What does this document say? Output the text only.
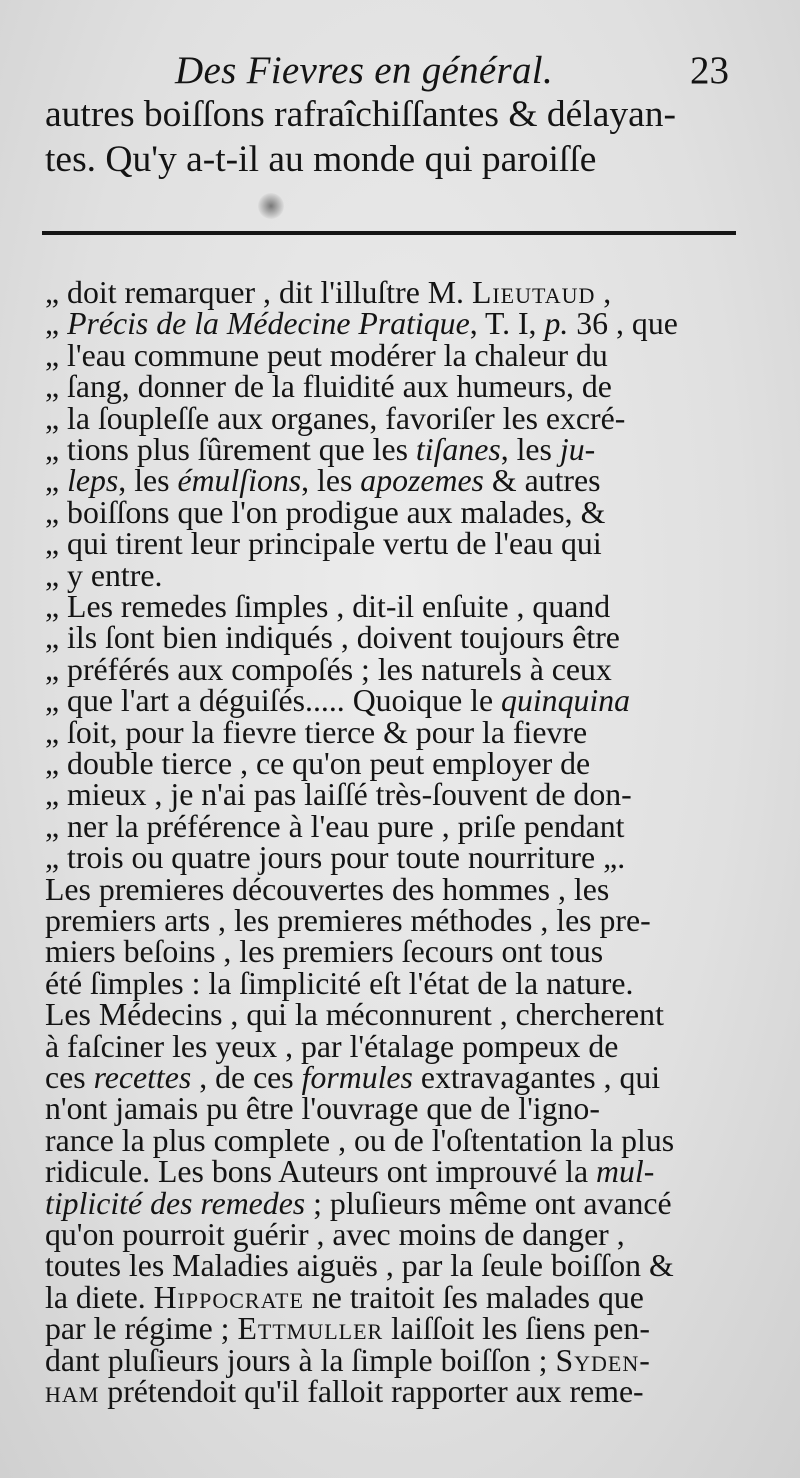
Des Fievres en général.	23
autres boiſſons rafraîchiſſantes & délayan-
tes. Qu'y a-t-il au monde qui paroiſſe
„ doit remarquer , dit l'illuſtre M. Lieutaud ,
„ Précis de la Médecine Pratique, T. I, p. 36 , que
„ l'eau commune peut modérer la chaleur du
„ ſang, donner de la fluidité aux humeurs, de
„ la ſoupleſſe aux organes, favoriſer les excré-
„ tions plus ſûrement que les tiſanes, les ju-
„ leps, les émulſions, les apozemes & autres
„ boiſſons que l'on prodigue aux malades, &
„ qui tirent leur principale vertu de l'eau qui
„ y entre.
„ Les remedes ſimples , dit-il enſuite , quand
„ ils ſont bien indiqués , doivent toujours être
„ préférés aux compoſés ; les naturels à ceux
„ que l'art a déguiſés..... Quoique le quinquina
„ ſoit, pour la fievre tierce & pour la fievre
„ double tierce , ce qu'on peut employer de
„ mieux , je n'ai pas laiſſé très-ſouvent de don-
„ ner la préférence à l'eau pure , priſe pendant
„ trois ou quatre jours pour toute nourriture „.
Les premieres découvertes des hommes , les
premiers arts , les premieres méthodes , les pre-
miers beſoins , les premiers ſecours ont tous
été ſimples : la ſimplicité eſt l'état de la nature.
Les Médecins , qui la méconnurent , chercherent
à faſciner les yeux , par l'étalage pompeux de
ces recettes , de ces formules extravagantes , qui
n'ont jamais pu être l'ouvrage que de l'igno-
rance la plus complete , ou de l'oſtentation la plus
ridicule. Les bons Auteurs ont improuvé la mul-
tiplicité des remedes ; pluſieurs même ont avancé
qu'on pourroit guérir , avec moins de danger ,
toutes les Maladies aiguës , par la ſeule boiſſon &
la diete. Hippocrate ne traitoit ſes malades que
par le régime ; Ettmuller laiſſoit les ſiens pen-
dant pluſieurs jours à la ſimple boiſſon ; Syden-
ham prétendoit qu'il falloit rapporter aux reme-
